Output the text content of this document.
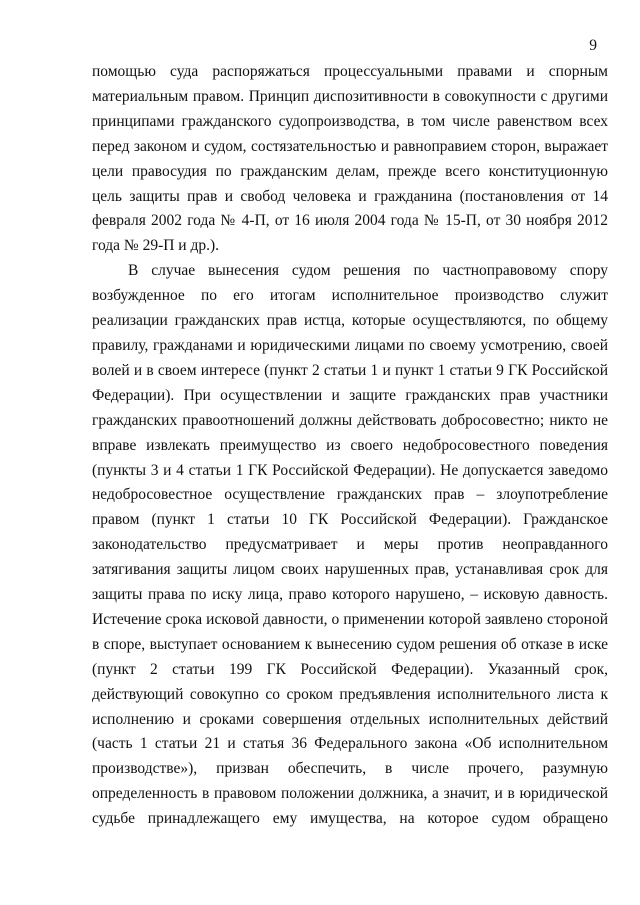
9

помощью суда распоряжаться процессуальными правами и спорным материальным правом. Принцип диспозитивности в совокупности с другими принципами гражданского судопроизводства, в том числе равенством всех перед законом и судом, состязательностью и равноправием сторон, выражает цели правосудия по гражданским делам, прежде всего конституционную цель защиты прав и свобод человека и гражданина (постановления от 14 февраля 2002 года № 4-П, от 16 июля 2004 года № 15-П, от 30 ноября 2012 года № 29-П и др.).

В случае вынесения судом решения по частноправовому спору возбужденное по его итогам исполнительное производство служит реализации гражданских прав истца, которые осуществляются, по общему правилу, гражданами и юридическими лицами по своему усмотрению, своей волей и в своем интересе (пункт 2 статьи 1 и пункт 1 статьи 9 ГК Российской Федерации). При осуществлении и защите гражданских прав участники гражданских правоотношений должны действовать добросовестно; никто не вправе извлекать преимущество из своего недобросовестного поведения (пункты 3 и 4 статьи 1 ГК Российской Федерации). Не допускается заведомо недобросовестное осуществление гражданских прав – злоупотребление правом (пункт 1 статьи 10 ГК Российской Федерации). Гражданское законодательство предусматривает и меры против неоправданного затягивания защиты лицом своих нарушенных прав, устанавливая срок для защиты права по иску лица, право которого нарушено, – исковую давность. Истечение срока исковой давности, о применении которой заявлено стороной в споре, выступает основанием к вынесению судом решения об отказе в иске (пункт 2 статьи 199 ГК Российской Федерации). Указанный срок, действующий совокупно со сроком предъявления исполнительного листа к исполнению и сроками совершения отдельных исполнительных действий (часть 1 статьи 21 и статья 36 Федерального закона «Об исполнительном производстве»), призван обеспечить, в числе прочего, разумную определенность в правовом положении должника, а значит, и в юридической судьбе принадлежащего ему имущества, на которое судом обращено
